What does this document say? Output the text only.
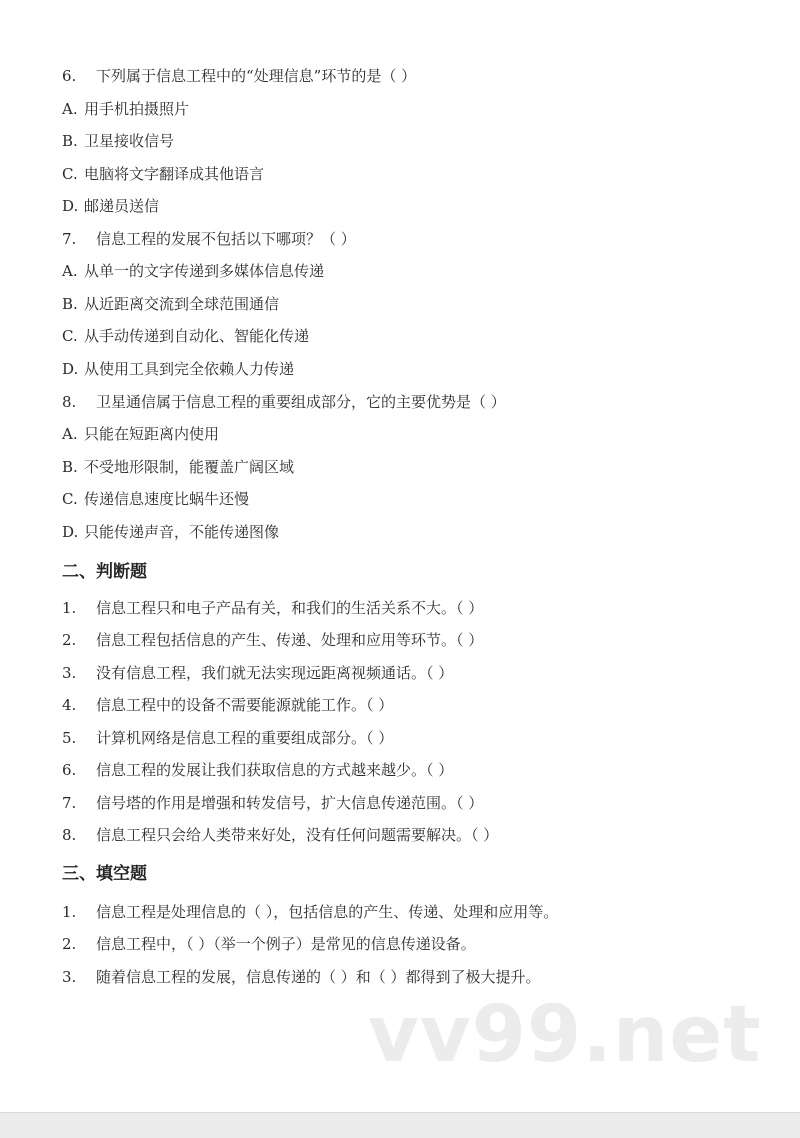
6. 下列属于信息工程中的“处理信息”环节的是（ ）
A. 用手机拍摄照片
B. 卫星接收信号
C. 电脑将文字翻译成其他语言
D. 邮递员送信
7. 信息工程的发展不包括以下哪项？（ ）
A. 从单一的文字传递到多媒体信息传递
B. 从近距离交流到全球范围通信
C. 从手动传递到自动化、智能化传递
D. 从使用工具到完全依赖人力传递
8. 卫星通信属于信息工程的重要组成部分，它的主要优势是（ ）
A. 只能在短距离内使用
B. 不受地形限制，能覆盖广阔区域
C. 传递信息速度比蜗牛还慢
D. 只能传递声音，不能传递图像
二、判断题
1. 信息工程只和电子产品有关，和我们的生活关系不大。（ ）
2. 信息工程包括信息的产生、传递、处理和应用等环节。（ ）
3. 没有信息工程，我们就无法实现远距离视频通话。（ ）
4. 信息工程中的设备不需要能源就能工作。（ ）
5. 计算机网络是信息工程的重要组成部分。（ ）
6. 信息工程的发展让我们获取信息的方式越来越少。（ ）
7. 信号塔的作用是增强和转发信号，扩大信息传递范围。（ ）
8. 信息工程只会给人类带来好处，没有任何问题需要解决。（ ）
三、填空题
1. 信息工程是处理信息的（ ），包括信息的产生、传递、处理和应用等。
2. 信息工程中，（ ）（举一个例子）是常见的信息传递设备。
3. 随着信息工程的发展，信息传递的（ ）和（ ）都得到了极大提升。
vv99.net
